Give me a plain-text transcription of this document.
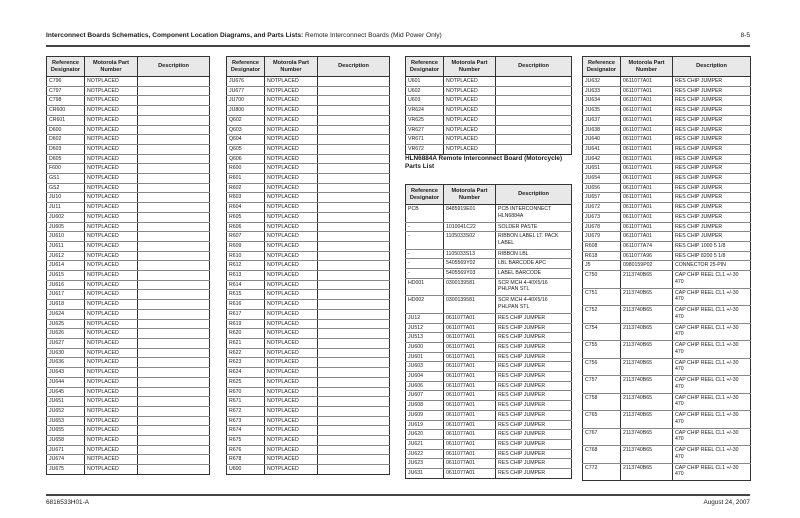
Interconnect Boards Schematics, Component Location Diagrams, and Parts Lists: Remote Interconnect Boards (Mid Power Only)	8-5
Reference Designator	Motorola Part Number	Description
C796	NOTPLACED	
C797	NOTPLACED	
C798	NOTPLACED	
CR600	NOTPLACED	
CR601	NOTPLACED	
D600	NOTPLACED	
D602	NOTPLACED	
D603	NOTPLACED	
D605	NOTPLACED	
F600	NOTPLACED	
GS1	NOTPLACED	
GS2	NOTPLACED	
JU10	NOTPLACED	
JU11	NOTPLACED	
JU602	NOTPLACED	
JU605	NOTPLACED	
JU610	NOTPLACED	
JU611	NOTPLACED	
JU612	NOTPLACED	
JU614	NOTPLACED	
JU615	NOTPLACED	
JU616	NOTPLACED	
JU617	NOTPLACED	
JU618	NOTPLACED	
JU624	NOTPLACED	
JU625	NOTPLACED	
JU626	NOTPLACED	
JU627	NOTPLACED	
JU630	NOTPLACED	
JU636	NOTPLACED	
JU643	NOTPLACED	
JU644	NOTPLACED	
JU645	NOTPLACED	
JU651	NOTPLACED	
JU652	NOTPLACED	
JU653	NOTPLACED	
JU655	NOTPLACED	
JU658	NOTPLACED	
JU671	NOTPLACED	
JU674	NOTPLACED	
JU675	NOTPLACED	
Reference Designator	Motorola Part Number	Description
JU676	NOTPLACED	
JU677	NOTPLACED	
JU700	NOTPLACED	
JU800	NOTPLACED	
Q602	NOTPLACED	
Q603	NOTPLACED	
Q604	NOTPLACED	
Q605	NOTPLACED	
Q606	NOTPLACED	
R600	NOTPLACED	
R601	NOTPLACED	
R602	NOTPLACED	
R603	NOTPLACED	
R604	NOTPLACED	
R605	NOTPLACED	
R606	NOTPLACED	
R607	NOTPLACED	
R609	NOTPLACED	
R610	NOTPLACED	
R612	NOTPLACED	
R613	NOTPLACED	
R614	NOTPLACED	
R615	NOTPLACED	
R616	NOTPLACED	
R617	NOTPLACED	
R619	NOTPLACED	
R620	NOTPLACED	
R621	NOTPLACED	
R622	NOTPLACED	
R623	NOTPLACED	
R624	NOTPLACED	
R625	NOTPLACED	
R670	NOTPLACED	
R671	NOTPLACED	
R672	NOTPLACED	
R673	NOTPLACED	
R674	NOTPLACED	
R675	NOTPLACED	
R676	NOTPLACED	
R678	NOTPLACED	
U600	NOTPLACED	
Reference Designator	Motorola Part Number	Description
U601	NOTPLACED	
U602	NOTPLACED	
U603	NOTPLACED	
VR624	NOTPLACED	
VR625	NOTPLACED	
VR627	NOTPLACED	
VR671	NOTPLACED	
VR672	NOTPLACED	
HLN6884A Remote Interconnect Board (Motorcycle) Parts List
Reference Designator	Motorola Part Number	Description
PCB	8485919E01	PCB INTERCONNECT HLN6884A
-	1010041C22	SOLDER PASTE
-	1105033S02	RIBBON LABEL LT. PACK LABEL
-	1105033S13	RIBBON LBL
-	5405569Y02	LBL BARCODE APC
-	5405569Y03	LABEL BARCODE
HD001	0300139581	SCR MCH 4-40X5/16 PHLPAN STL
HD002	0300139581	SCR MCH 4-40X5/16 PHLPAN STL
JU12	0611077A01	RES CHIP JUMPER
JU512	0611077A01	RES CHIP JUMPER
JU513	0611077A01	RES CHIP JUMPER
JU600	0611077A01	RES CHIP JUMPER
JU601	0611077A01	RES CHIP JUMPER
JU603	0611077A01	RES CHIP JUMPER
JU604	0611077A01	RES CHIP JUMPER
JU606	0611077A01	RES CHIP JUMPER
JU607	0611077A01	RES CHIP JUMPER
JU608	0611077A01	RES CHIP JUMPER
JU609	0611077A01	RES CHIP JUMPER
JU619	0611077A01	RES CHIP JUMPER
JU620	0611077A01	RES CHIP JUMPER
JU621	0611077A01	RES CHIP JUMPER
JU622	0611077A01	RES CHIP JUMPER
JU623	0611077A01	RES CHIP JUMPER
JU631	0611077A01	RES CHIP JUMPER
Reference Designator	Motorola Part Number	Description
JU632	0611077A01	RES CHIP JUMPER
JU633	0611077A01	RES CHIP JUMPER
JU634	0611077A01	RES CHIP JUMPER
JU635	0611077A01	RES CHIP JUMPER
JU637	0611077A01	RES CHIP JUMPER
JU638	0611077A01	RES CHIP JUMPER
JU640	0611077A01	RES CHIP JUMPER
JU641	0611077A01	RES CHIP JUMPER
JU642	0611077A01	RES CHIP JUMPER
JU651	0611077A01	RES CHIP JUMPER
JU654	0611077A01	RES CHIP JUMPER
JU656	0611077A01	RES CHIP JUMPER
JU657	0611077A01	RES CHIP JUMPER
JU672	0611077A01	RES CHIP JUMPER
JU673	0611077A01	RES CHIP JUMPER
JU678	0611077A01	RES CHIP JUMPER
JU679	0611077A01	RES CHIP JUMPER
R608	0611077A74	RES CHIP 1000 5 1/8
R618	0611077A96	RES CHIP 8200 5 1/8
J5	0980159P02	CONNECTOR 25-PIN
C750	2113740B65	CAP CHIP REEL CL1 +/-30 470
C751	2113740B65	CAP CHIP REEL CL1 +/-30 470
C752	2113740B65	CAP CHIP REEL CL1 +/-30 470
C754	2113740B65	CAP CHIP REEL CL1 +/-30 470
C755	2113740B65	CAP CHIP REEL CL1 +/-30 470
C756	2113740B65	CAP CHIP REEL CL1 +/-30 470
C757	2113740B65	CAP CHIP REEL CL1 +/-30 470
C758	2113740B65	CAP CHIP REEL CL1 +/-30 470
C765	2113740B65	CAP CHIP REEL CL1 +/-30 470
C767	2113740B65	CAP CHIP REEL CL1 +/-30 470
C768	2113740B65	CAP CHIP REEL CL1 +/-30 470
C772	2113740B65	CAP CHIP REEL CL1 +/-30 470
6816533H01-A	August 24, 2007
